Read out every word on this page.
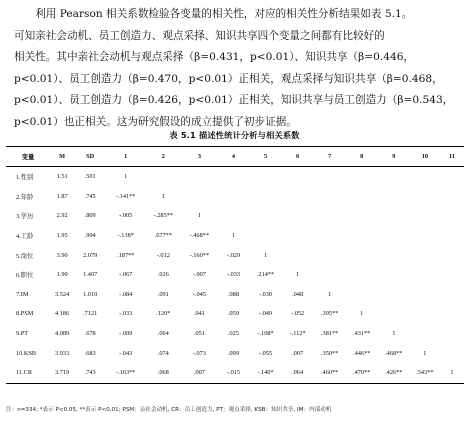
　　利用 Pearson 相关系数检验各变量的相关性，对应的相关性分析结果如表 5.1。

可知亲社会动机、员工创造力、观点采择、知识共享四个变量之间都有比较好的

相关性。其中亲社会动机与观点采择（β=0.431，p<0.01）、知识共享（β=0.446，

p<0.01）、员工创造力（β=0.470，p<0.01）正相关，观点采择与知识共享（β=0.468，

p<0.01）、员工创造力（β=0.426，p<0.01）正相关，知识共享与员工创造力（β=0.543，

p<0.01）也正相关。这为研究假设的成立提供了初步证据。

表 5.1 描述性统计分析与相关系数
变量	M	SD	1	2	3	4	5	6	7	8	9	10	11
1.性别	1.51	.501	1										
2.年龄	1.87	.745	-.141**	1									
3.学历	2.92	.809	-.005	-.285**	1								
4.工龄	1.95	.994	-.138*	.677**	-.468**	1							
5.岗位	3.90	2.079	.187**	-.012	-.160**	-.029	1						
6.职位	1.90	1.407	-.067	.026	-.007	-.033	.214**	1					
7.IM	3.524	1.010	-.084	.091	-.045	.088	-.030	.048	1				
8.PSM	4.186	.7121	-.033	.120*	.041	.059	-.049	-.052	.395**	1			
9.PT	4.089	.678	-.009	.064	.051	.025	-.108*	-.112*	.381**	.431**	1		
10.KSB	3.933	.683	-.043	.074	-.073	.099	-.055	.007	.350**	.446**	.468**	1	
11.CR	3.719	.743	-.163**	.068	.007	-.015	-.140*	.064	.460**	.470**	.426**	.543**	1
注：n=334; *表示 P<0.05, **表示 P<0.01; PSM：亲社会动机, CR：员工创造力, PT：观点采择, KSB：知识共享, IM：内部动机
